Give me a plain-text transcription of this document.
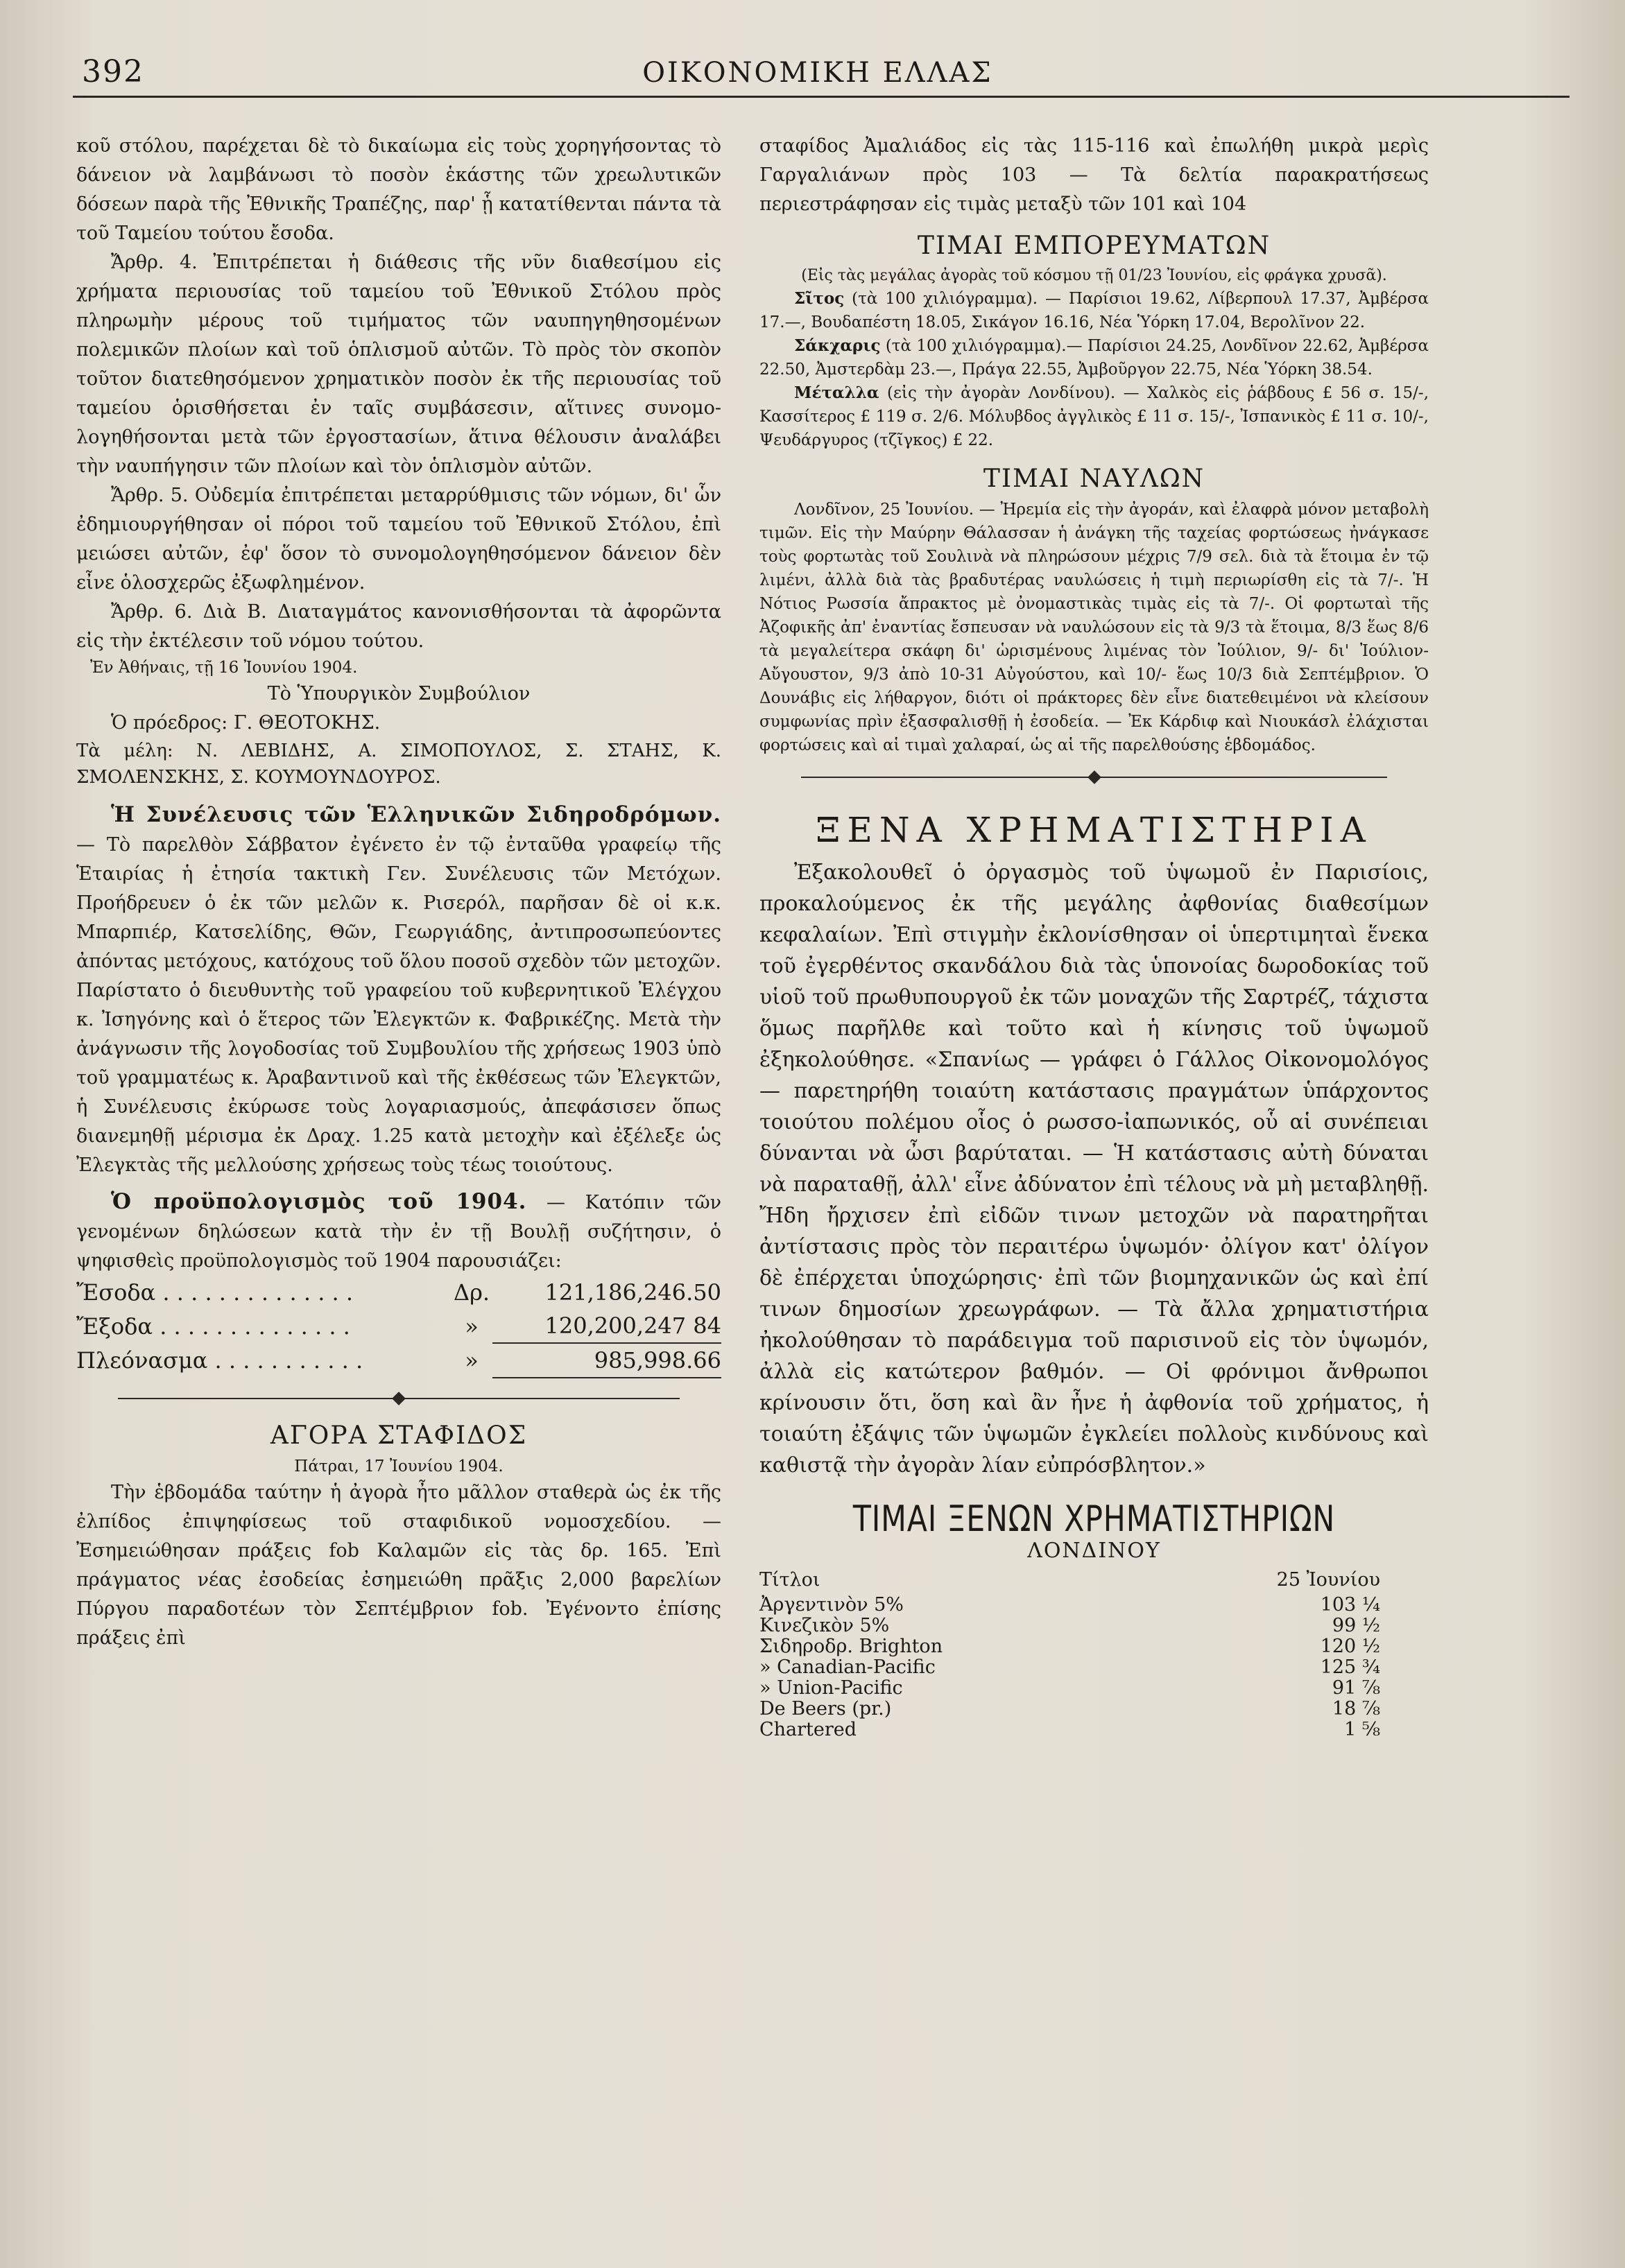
392	ΟΙΚΟΝΟΜΙΚΗ ΕΛΛΑΣ

κοῦ στόλου, παρέχεται δὲ τὸ δικαίωμα εἰς τοὺς χορηγήσοντας τὸ δάνειον νὰ λαμβάνωσι τὸ ποσὸν ἑκάστης τῶν χρεωλυτικῶν δόσεων παρὰ τῆς Ἐθνικῆς Τραπέζης, παρ' ᾗ κατατίθενται πάντα τὰ τοῦ Ταμείου τούτου ἔσοδα.

Ἄρθρ. 4. Ἐπιτρέπεται ἡ διάθεσις τῆς νῦν διαθεσίμου εἰς χρήματα περιουσίας τοῦ ταμείου τοῦ Ἐθνικοῦ Στόλου πρὸς πληρωμὴν μέρους τοῦ τιμήματος τῶν ναυπηγηθησομένων πολεμικῶν πλοίων καὶ τοῦ ὁπλισμοῦ αὐτῶν. Τὸ πρὸς τὸν σκοπὸν τοῦτον διατεθησόμενον χρηματικὸν ποσὸν ἐκ τῆς περιουσίας τοῦ ταμείου ὁρισθήσεται ἐν ταῖς συμβάσεσιν, αἵτινες συνομολογηθήσονται μετὰ τῶν ἐργοστασίων, ἅτινα θέλουσιν ἀναλάβει τὴν ναυπήγησιν τῶν πλοίων καὶ τὸν ὁπλισμὸν αὐτῶν.

Ἄρθρ. 5. Οὐδεμία ἐπιτρέπεται μεταρρύθμισις τῶν νόμων, δι' ὧν ἐδημιουργήθησαν οἱ πόροι τοῦ ταμείου τοῦ Ἐθνικοῦ Στόλου, ἐπὶ μειώσει αὐτῶν, ἐφ' ὅσον τὸ συνομολογηθησόμενον δάνειον δὲν εἶνε ὁλοσχερῶς ἐξωφλημένον.

Ἄρθρ. 6. Διὰ Β. Διαταγμάτος κανονισθήσονται τὰ ἀφορῶντα εἰς τὴν ἐκτέλεσιν τοῦ νόμου τούτου.

Ἐν Ἀθήναις, τῇ 16 Ἰουνίου 1904.

Τὸ Ὑπουργικὸν Συμβούλιον

Ὁ πρόεδρος: Γ. ΘΕΟΤΟΚΗΣ.

Τὰ μέλη: Ν. ΛΕΒΙΔΗΣ, Α. ΣΙΜΟΠΟΥΛΟΣ, Σ. ΣΤΑΗΣ, Κ. ΣΜΟΛΕΝΣΚΗΣ, Σ. ΚΟΥΜΟΥΝΔΟΥΡΟΣ.

Ἡ Συνέλευσις τῶν Ἑλληνικῶν Σιδηροδρόμων. — Τὸ παρελθὸν Σάββατον ἐγένετο ἐν τῷ ἐνταῦθα γραφείῳ τῆς Ἑταιρίας ἡ ἐτησία τακτικὴ Γεν. Συνέλευσις τῶν Μετόχων. Προήδρευεν ὁ ἐκ τῶν μελῶν κ. Ρισερόλ, παρῆσαν δὲ οἱ κ.κ. Μπαρπιέρ, Κατσελίδης, Θῶν, Γεωργιάδης, ἀντιπροσωπεύοντες ἀπόντας μετόχους, κατόχους τοῦ ὅλου ποσοῦ σχεδὸν τῶν μετοχῶν. Παρίστατο ὁ διευθυντὴς τοῦ γραφείου τοῦ κυβερνητικοῦ Ἐλέγχου κ. Ἰσηγόνης καὶ ὁ ἕτερος τῶν Ἐλεγκτῶν κ. Φαβρικέζης. Μετὰ τὴν ἀνάγνωσιν τῆς λογοδοσίας τοῦ Συμβουλίου τῆς χρήσεως 1903 ὑπὸ τοῦ γραμματέως κ. Ἀραβαντινοῦ καὶ τῆς ἐκθέσεως τῶν Ἐλεγκτῶν, ἡ Συνέλευσις ἐκύρωσε τοὺς λογαριασμούς, ἀπεφάσισεν ὅπως διανεμηθῇ μέρισμα ἐκ Δραχ. 1.25 κατὰ μετοχὴν καὶ ἐξέλεξε ὡς Ἐλεγκτὰς τῆς μελλούσης χρήσεως τοὺς τέως τοιούτους.

Ὁ προϋπολογισμὸς τοῦ 1904. — Κατόπιν τῶν γενομένων δηλώσεων κατὰ τὴν ἐν τῇ Βουλῇ συζήτησιν, ὁ ψηφισθεὶς προϋπολογισμὸς τοῦ 1904 παρουσιάζει:

Ἔσοδα . . . . . . . . . . . . . .	Δρ.	121,186,246.50
Ἔξοδα . . . . . . . . . . . . . .	»	120,200,247 84
Πλεόνασμα . . . . . . . . . . .	»	985,998.66
ΑΓΟΡΑ ΣΤΑΦΙΔΟΣ

Πάτραι, 17 Ἰουνίου 1904.

Τὴν ἑβδομάδα ταύτην ἡ ἀγορὰ ἦτο μᾶλλον σταθερὰ ὡς ἐκ τῆς ἐλπίδος ἐπιψηφίσεως τοῦ σταφιδικοῦ νομοσχεδίου. — Ἐσημειώθησαν πράξεις fob Καλαμῶν εἰς τὰς δρ. 165. Ἐπὶ πράγματος νέας ἐσοδείας ἐσημειώθη πρᾶξις 2,000 βαρελίων Πύργου παραδοτέων τὸν Σεπτέμβριον fob. Ἐγένοντο ἐπίσης πράξεις ἐπὶ

σταφίδος Ἀμαλιάδος εἰς τὰς 115-116 καὶ ἐπωλήθη μικρὰ μερὶς Γαργαλιάνων πρὸς 103 — Τὰ δελτία παρακρατήσεως περιεστράφησαν εἰς τιμὰς μεταξὺ τῶν 101 καὶ 104

ΤΙΜΑΙ ΕΜΠΟΡΕΥΜΑΤΩΝ

(Εἰς τὰς μεγάλας ἀγορὰς τοῦ κόσμου τῇ 01/23 Ἰουνίου, εἰς φράγκα χρυσᾶ).

Σῖτος (τὰ 100 χιλιόγραμμα). — Παρίσιοι 19.62, Λίβερπουλ 17.37, Ἀμβέρσα 17.—, Βουδαπέστη 18.05, Σικάγον 16.16, Νέα Ὑόρκη 17.04, Βερολῖνον 22.

Σάκχαρις (τὰ 100 χιλιόγραμμα).— Παρίσιοι 24.25, Λονδῖνον 22.62, Ἀμβέρσα 22.50, Ἀμστερδὰμ 23.—, Πράγα 22.55, Ἀμβοῦργον 22.75, Νέα Ὑόρκη 38.54.

Μέταλλα (εἰς τὴν ἀγορὰν Λονδίνου). — Χαλκὸς εἰς ῥάβδους £ 56 σ. 15/-, Κασσίτερος £ 119 σ. 2/6. Μόλυβδος ἀγγλικὸς £ 11 σ. 15/-, Ἰσπανικὸς £ 11 σ. 10/-, Ψευδάργυρος (τζῖγκος) £ 22.

ΤΙΜΑΙ ΝΑΥΛΩΝ

Λονδῖνον, 25 Ἰουνίου. — Ἠρεμία εἰς τὴν ἀγοράν, καὶ ἐλαφρὰ μόνον μεταβολὴ τιμῶν. Εἰς τὴν Μαύρην Θάλασσαν ἡ ἀνάγκη τῆς ταχείας φορτώσεως ἠνάγκασε τοὺς φορτωτὰς τοῦ Σουλινὰ νὰ πληρώσουν μέχρις 7/9 σελ. διὰ τὰ ἕτοιμα ἐν τῷ λιμένι, ἀλλὰ διὰ τὰς βραδυτέρας ναυλώσεις ἡ τιμὴ περιωρίσθη εἰς τὰ 7/-. Ἡ Νότιος Ρωσσία ἄπρακτος μὲ ὀνομαστικὰς τιμὰς εἰς τὰ 7/-. Οἱ φορτωταὶ τῆς Ἀζοφικῆς ἀπ' ἐναντίας ἔσπευσαν νὰ ναυλώσουν εἰς τὰ 9/3 τὰ ἕτοιμα, 8/3 ἕως 8/6 τὰ μεγαλείτερα σκάφη δι' ὡρισμένους λιμένας τὸν Ἰούλιον, 9/- δι' Ἰούλιον-Αὔγουστον, 9/3 ἀπὸ 10-31 Αὐγούστου, καὶ 10/- ἕως 10/3 διὰ Σεπτέμβριον. Ὁ Δουνάβις εἰς λήθαργον, διότι οἱ πράκτορες δὲν εἶνε διατεθειμένοι νὰ κλείσουν συμφωνίας πρὶν ἐξασφαλισθῇ ἡ ἐσοδεία. — Ἐκ Κάρδιφ καὶ Νιουκάσλ ἐλάχισται φορτώσεις καὶ αἱ τιμαὶ χαλαραί, ὡς αἱ τῆς παρελθούσης ἑβδομάδος.

ΞΕΝΑ ΧΡΗΜΑΤΙΣΤΗΡΙΑ

Ἐξακολουθεῖ ὁ ὀργασμὸς τοῦ ὑψωμοῦ ἐν Παρισίοις, προκαλούμενος ἐκ τῆς μεγάλης ἀφθονίας διαθεσίμων κεφαλαίων. Ἐπὶ στιγμὴν ἐκλονίσθησαν οἱ ὑπερτιμηταὶ ἕνεκα τοῦ ἐγερθέντος σκανδάλου διὰ τὰς ὑπονοίας δωροδοκίας τοῦ υἱοῦ τοῦ πρωθυπουργοῦ ἐκ τῶν μοναχῶν τῆς Σαρτρέζ, τάχιστα ὅμως παρῆλθε καὶ τοῦτο καὶ ἡ κίνησις τοῦ ὑψωμοῦ ἐξηκολούθησε. «Σπανίως — γράφει ὁ Γάλλος Οἰκονομολόγος — παρετηρήθη τοιαύτη κατάστασις πραγμάτων ὑπάρχοντος τοιούτου πολέμου οἷος ὁ ρωσσο-ἰαπωνικός, οὗ αἱ συνέπειαι δύνανται νὰ ὦσι βαρύταται. — Ἡ κατάστασις αὐτὴ δύναται νὰ παραταθῇ, ἀλλ' εἶνε ἀδύνατον ἐπὶ τέλους νὰ μὴ μεταβληθῇ. Ἤδη ἤρχισεν ἐπὶ εἰδῶν τινων μετοχῶν νὰ παρατηρῆται ἀντίστασις πρὸς τὸν περαιτέρω ὑψωμόν· ὀλίγον κατ' ὀλίγον δὲ ἐπέρχεται ὑποχώρησις· ἐπὶ τῶν βιομηχανικῶν ὡς καὶ ἐπί τινων δημοσίων χρεωγράφων. — Τὰ ἄλλα χρηματιστήρια ἠκολούθησαν τὸ παράδειγμα τοῦ παρισινοῦ εἰς τὸν ὑψωμόν, ἀλλὰ εἰς κατώτερον βαθμόν. — Οἱ φρόνιμοι ἄνθρωποι κρίνουσιν ὅτι, ὅση καὶ ἂν ἦνε ἡ ἀφθονία τοῦ χρήματος, ἡ τοιαύτη ἐξάψις τῶν ὑψωμῶν ἐγκλείει πολλοὺς κινδύνους καὶ καθιστᾷ τὴν ἀγορὰν λίαν εὐπρόσβλητον.»

ΤΙΜΑΙ ΞΕΝΩΝ ΧΡΗΜΑΤΙΣΤΗΡΙΩΝ
ΛΟΝΔΙΝΟΥ
Τίτλοι	25 Ἰουνίου
Ἀργεντινὸν 5%	103 ¼
Κινεζικὸν 5%	99 ½
Σιδηροδρ. Brighton	120 ½
» Canadian-Pacific	125 ¾
» Union-Pacific	91 ⅞
De Beers (pr.)	18 ⅞
Chartered	1 ⅝
